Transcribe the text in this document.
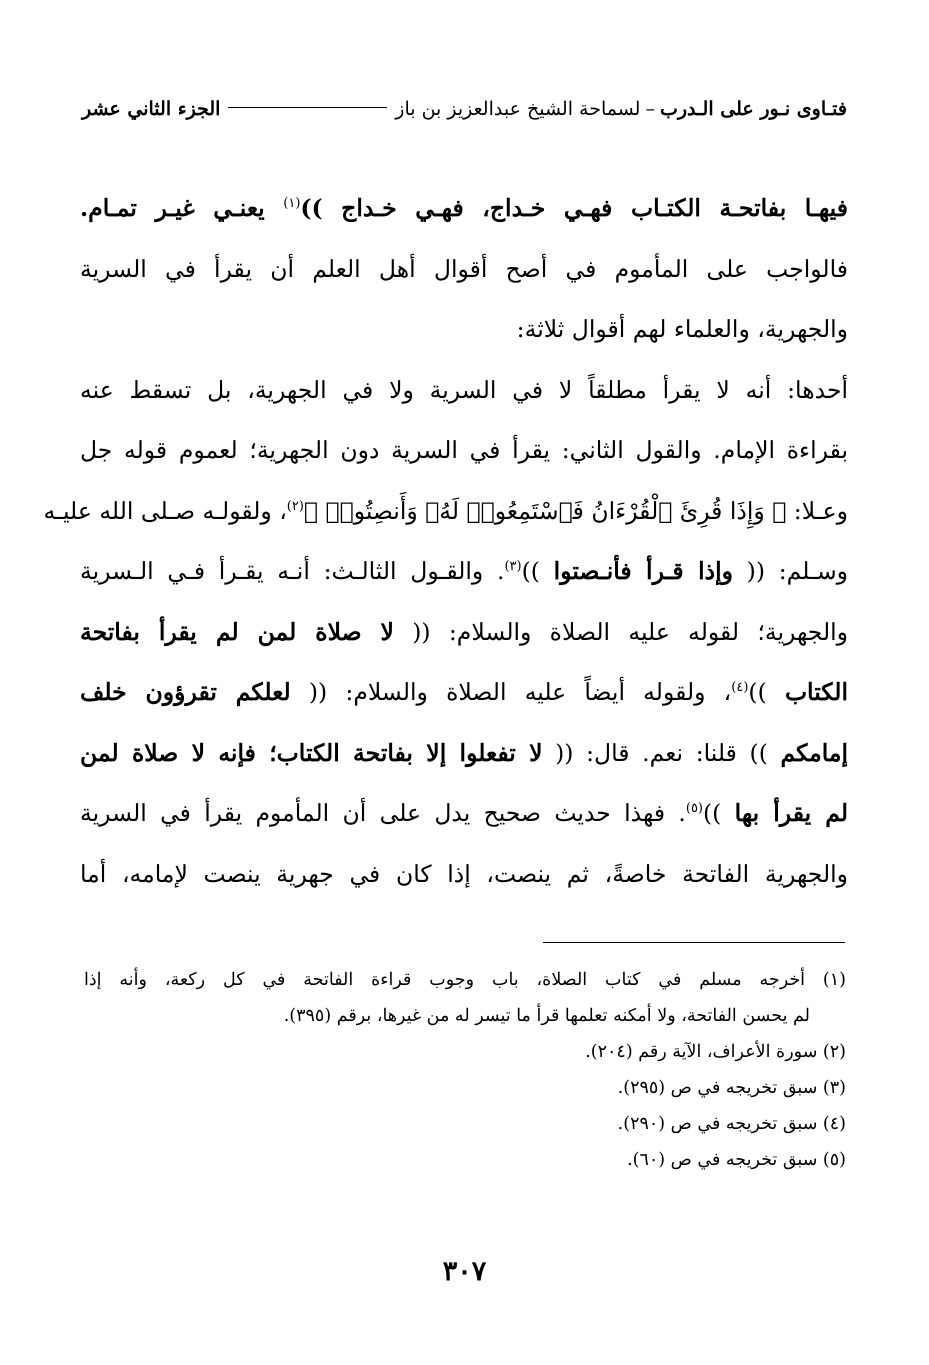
فتـاوى نـور على الـدرب
–
لسماحة الشيخ عبدالعزيز بن باز
الجزء الثاني عشر
فيهـا بفاتحـة الكتـاب فهـي خـداج، فهـي خـداج ))$^{(١)}$ يعنـي غيـر تمـام.
فالواجب على المأموم في أصح أقوال أهل العلم أن يقرأ في السرية
والجهرية، والعلماء لهم أقوال ثلاثة:
أحدها: أنه لا يقرأ مطلقاً لا في السرية ولا في الجهرية، بل تسقط عنه
بقراءة الإمام. والقول الثاني: يقرأ في السرية دون الجهرية؛ لعموم قوله جل
وعـلا: ﴿ وَإِذَا قُرِئَ ٱلْقُرْءَانُ فَٱسْتَمِعُوا۟ لَهُۥ وَأَنصِتُوا۟ ﴾$^{(٢)}$، ولقولـه صـلى الله عليـه
وسـلم: (( وإذا قـرأ فأنـصتوا ))$^{(٣)}$. والقـول الثالـث: أنـه يقـرأ فـي الـسرية
والجهرية؛ لقوله عليه الصلاة والسلام: (( لا صلاة لمن لم يقرأ بفاتحة
الكتاب ))$^{(٤)}$، ولقوله أيضاً عليه الصلاة والسلام: (( لعلكم تقرؤون خلف
إمامكم )) قلنا: نعم. قال: (( لا تفعلوا إلا بفاتحة الكتاب؛ فإنه لا صلاة لمن
لم يقرأ بها ))$^{(٥)}$. فهذا حديث صحيح يدل على أن المأموم يقرأ في السرية
والجهرية الفاتحة خاصةً، ثم ينصت، إذا كان في جهرية ينصت لإمامه، أما
(١) أخرجه مسلم في كتاب الصلاة، باب وجوب قراءة الفاتحة في كل ركعة، وأنه إذا
لم يحسن الفاتحة، ولا أمكنه تعلمها قرأ ما تيسر له من غيرها، برقم (٣٩٥).
(٢) سورة الأعراف، الآية رقم (٢٠٤).
(٣) سبق تخريجه في ص (٢٩٥).
(٤) سبق تخريجه في ص (٢٩٠).
(٥) سبق تخريجه في ص (٦٠).
٣٠٧
